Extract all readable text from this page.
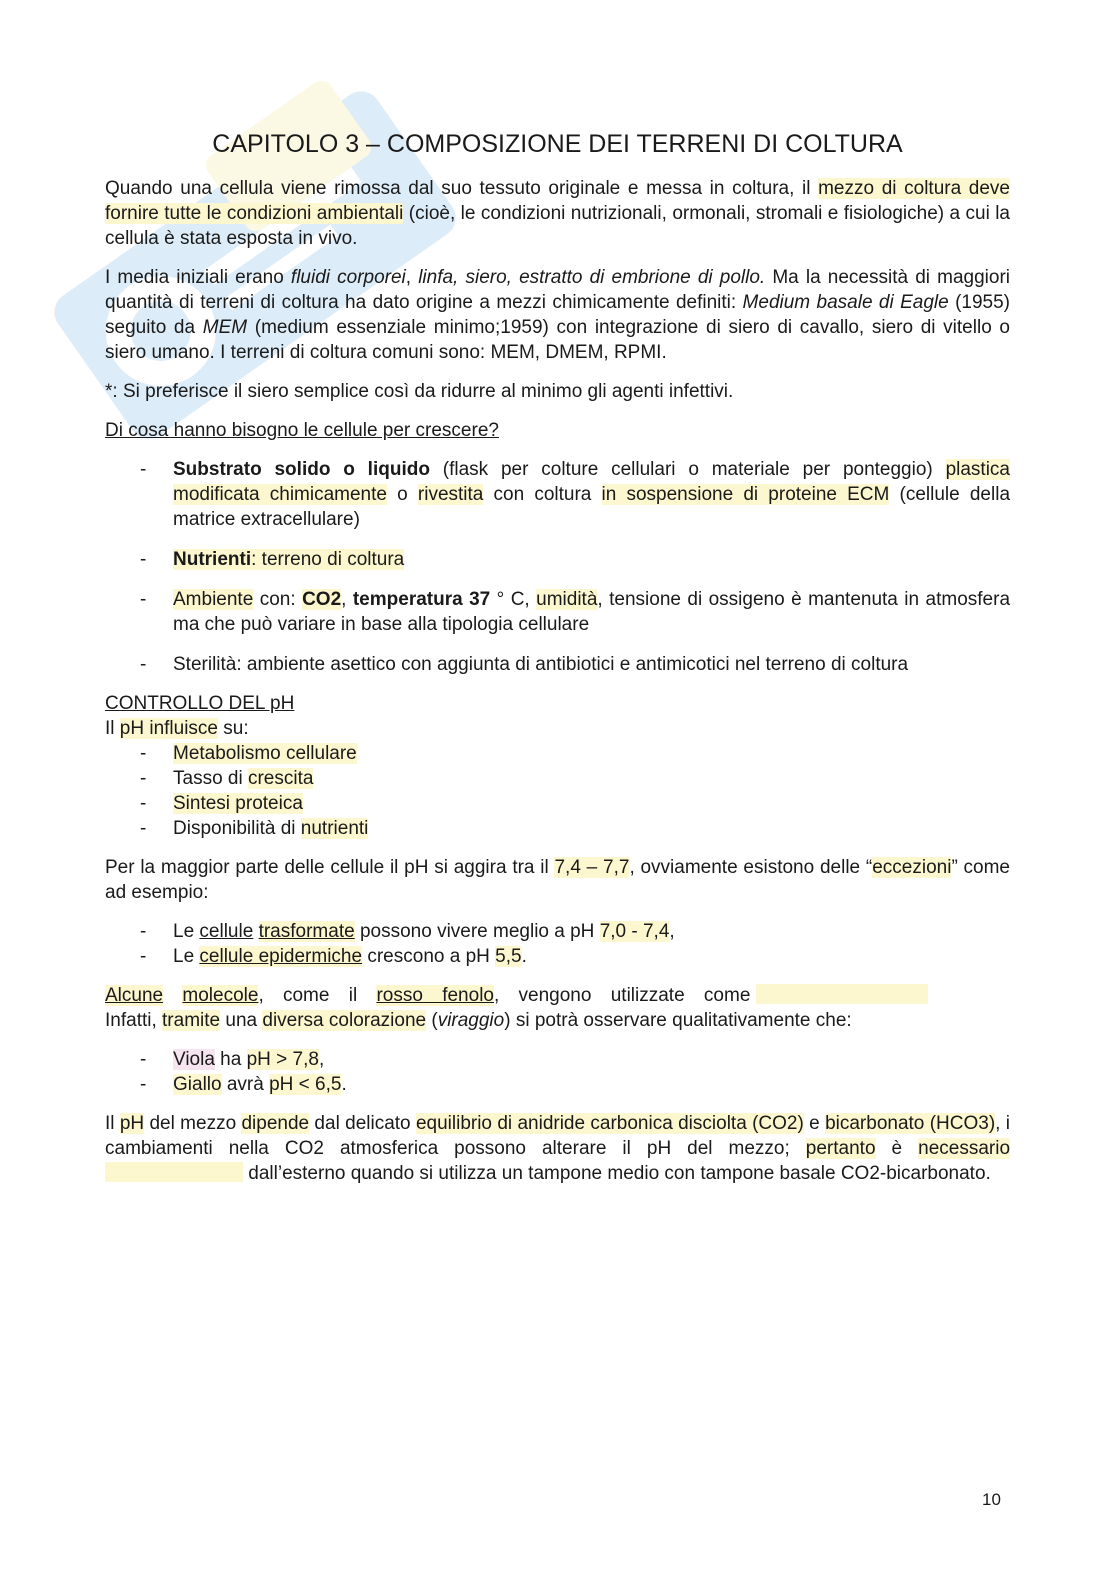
CAPITOLO 3 – COMPOSIZIONE DEI TERRENI DI COLTURA

Quando una cellula viene rimossa dal suo tessuto originale e messa in coltura, il mezzo di coltura deve fornire tutte le condizioni ambientali (cioè, le condizioni nutrizionali, ormonali, stromali e fisiologiche) a cui la cellula è stata esposta in vivo.

I media iniziali erano fluidi corporei, linfa, siero, estratto di embrione di pollo. Ma la necessità di maggiori quantità di terreni di coltura ha dato origine a mezzi chimicamente definiti: Medium basale di Eagle (1955) seguito da MEM (medium essenziale minimo;1959) con integrazione di siero di cavallo, siero di vitello o siero umano. I terreni di coltura comuni sono: MEM, DMEM, RPMI.

*: Si preferisce il siero semplice così da ridurre al minimo gli agenti infettivi.

Di cosa hanno bisogno le cellule per crescere?

- Substrato solido o liquido (flask per colture cellulari o materiale per ponteggio) plastica modificata chimicamente o rivestita con coltura in sospensione di proteine ECM (cellule della matrice extracellulare)
- Nutrienti: terreno di coltura
- Ambiente con: CO2, temperatura 37 ° C, umidità, tensione di ossigeno è mantenuta in atmosfera ma che può variare in base alla tipologia cellulare
- Sterilità: ambiente asettico con aggiunta di antibiotici e antimicotici nel terreno di coltura

CONTROLLO DEL pH

Il pH influisce su:

- Metabolismo cellulare
- Tasso di crescita
- Sintesi proteica
- Disponibilità di nutrienti

Per la maggior parte delle cellule il pH si aggira tra il 7,4 – 7,7, ovviamente esistono delle “eccezioni” come ad esempio:

- Le cellule trasformate possono vivere meglio a pH 7,0 - 7,4,
- Le cellule epidermiche crescono a pH 5,5.

Alcune molecole, come il rosso fenolo, vengono utilizzate come
Infatti, tramite una diversa colorazione (viraggio) si potrà osservare qualitativamente che:

- Viola ha pH > 7,8,
- Giallo avrà pH < 6,5.

Il pH del mezzo dipende dal delicato equilibrio di anidride carbonica disciolta (CO2) e bicarbonato (HCO3), i cambiamenti nella CO2 atmosferica possono alterare il pH del mezzo; pertanto è necessario  dall’esterno quando si utilizza un tampone medio con tampone basale CO2-bicarbonato.

10
